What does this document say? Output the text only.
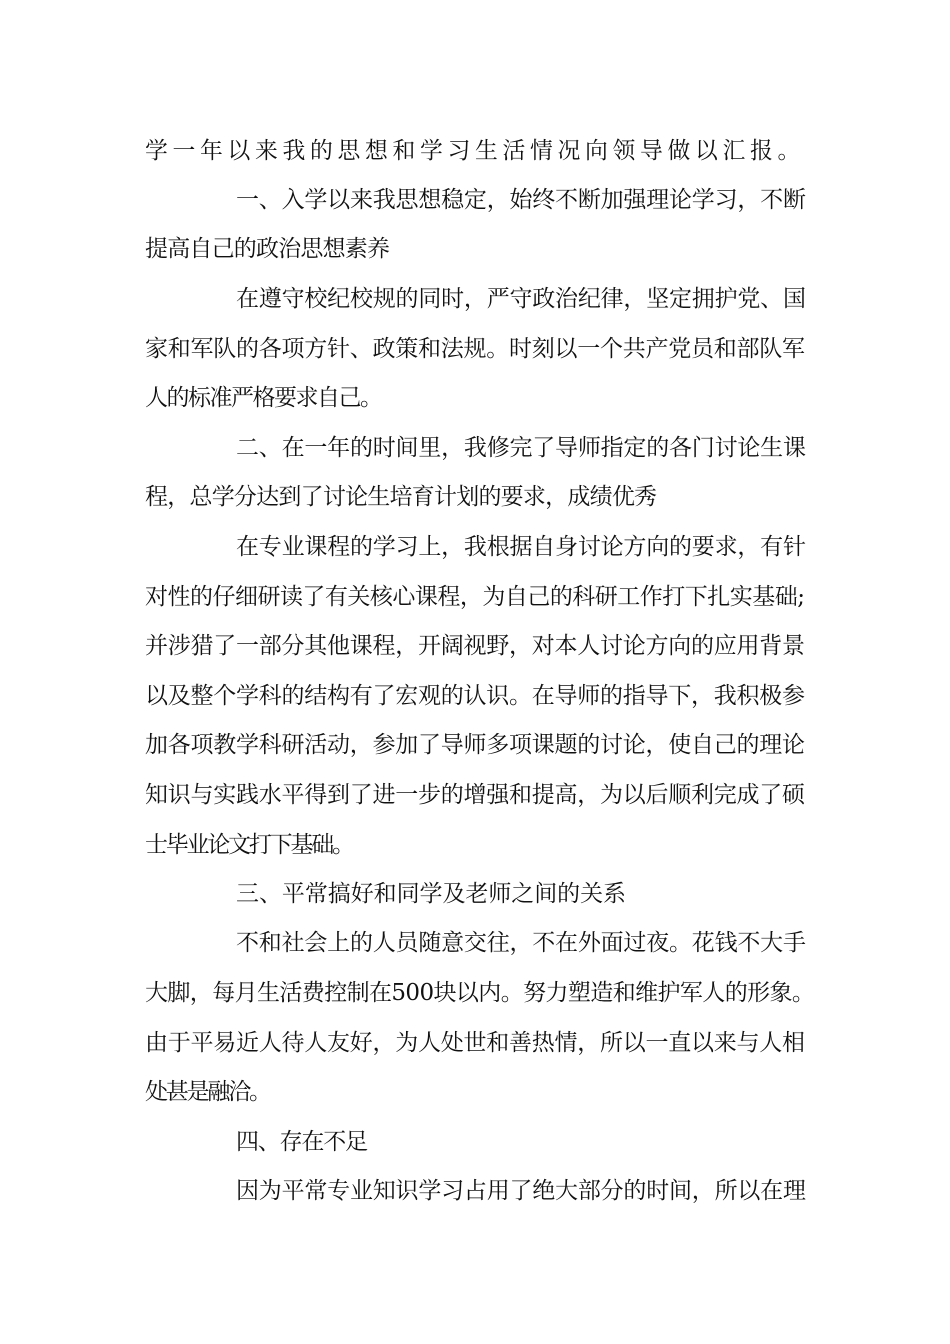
学一年以来我的思想和学习生活情况向领导做以汇报。
一、入学以来我思想稳定，始终不断加强理论学习，不断
提高自己的政治思想素养
在遵守校纪校规的同时，严守政治纪律，坚定拥护党、国
家和军队的各项方针、政策和法规。时刻以一个共产党员和部队军
人的标准严格要求自己。
二、在一年的时间里，我修完了导师指定的各门讨论生课
程，总学分达到了讨论生培育计划的要求，成绩优秀
在专业课程的学习上，我根据自身讨论方向的要求，有针
对性的仔细研读了有关核心课程，为自己的科研工作打下扎实基础;
并涉猎了一部分其他课程，开阔视野，对本人讨论方向的应用背景
以及整个学科的结构有了宏观的认识。在导师的指导下，我积极参
加各项教学科研活动，参加了导师多项课题的讨论，使自己的理论
知识与实践水平得到了进一步的增强和提高，为以后顺利完成了硕
士毕业论文打下基础。
三、平常搞好和同学及老师之间的关系
不和社会上的人员随意交往，不在外面过夜。花钱不大手
大脚，每月生活费控制在500块以内。努力塑造和维护军人的形象。
由于平易近人待人友好，为人处世和善热情，所以一直以来与人相
处甚是融洽。
四、存在不足
因为平常专业知识学习占用了绝大部分的时间，所以在理
